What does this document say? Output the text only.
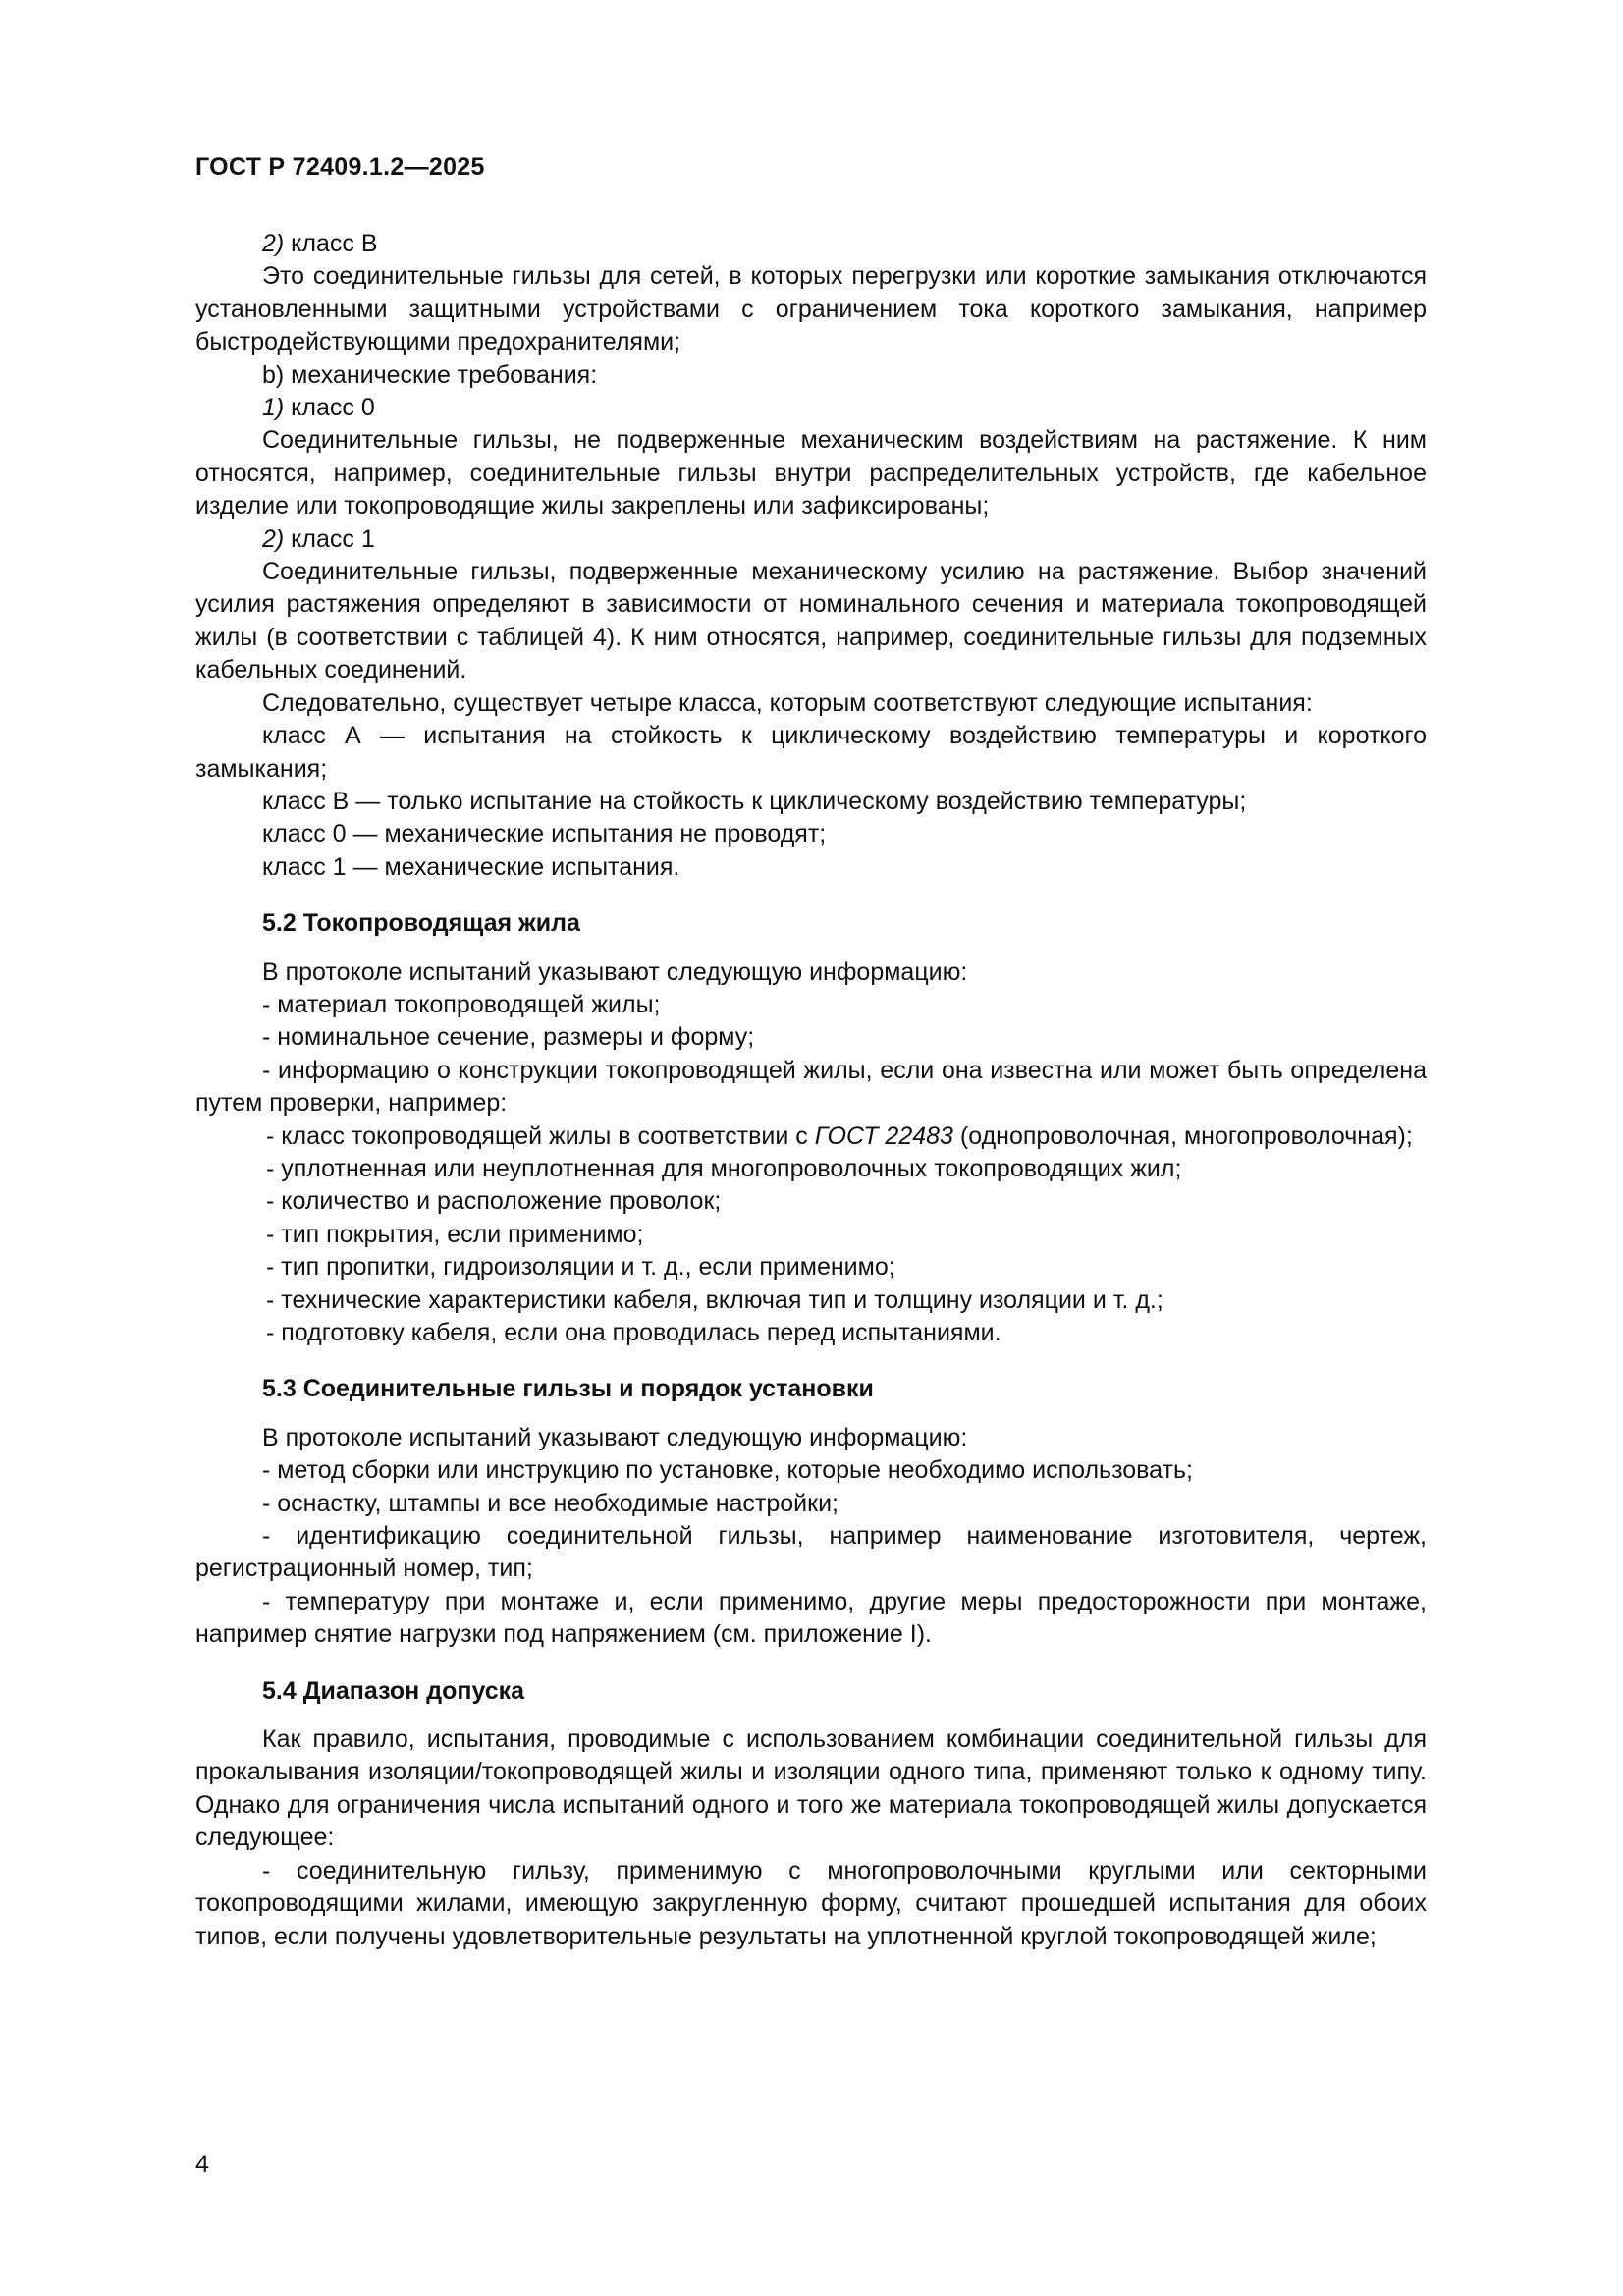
ГОСТ Р 72409.1.2—2025

2) класс В

Это соединительные гильзы для сетей, в которых перегрузки или короткие замыкания отключаются установленными защитными устройствами с ограничением тока короткого замыкания, например быстродействующими предохранителями;

b) механические требования:

1) класс 0

Соединительные гильзы, не подверженные механическим воздействиям на растяжение. К ним относятся, например, соединительные гильзы внутри распределительных устройств, где кабельное изделие или токопроводящие жилы закреплены или зафиксированы;

2) класс 1

Соединительные гильзы, подверженные механическому усилию на растяжение. Выбор значений усилия растяжения определяют в зависимости от номинального сечения и материала токопроводящей жилы (в соответствии с таблицей 4). К ним относятся, например, соединительные гильзы для подземных кабельных соединений.

Следовательно, существует четыре класса, которым соответствуют следующие испытания:

класс А — испытания на стойкость к циклическому воздействию температуры и короткого замыкания;

класс В — только испытание на стойкость к циклическому воздействию температуры;

класс 0 — механические испытания не проводят;

класс 1 — механические испытания.

5.2 Токопроводящая жила

В протоколе испытаний указывают следующую информацию:

- материал токопроводящей жилы;

- номинальное сечение, размеры и форму;

- информацию о конструкции токопроводящей жилы, если она известна или может быть определена путем проверки, например:

- класс токопроводящей жилы в соответствии с ГОСТ 22483 (однопроволочная, многопроволочная);

- уплотненная или неуплотненная для многопроволочных токопроводящих жил;

- количество и расположение проволок;

- тип покрытия, если применимо;

- тип пропитки, гидроизоляции и т. д., если применимо;

- технические характеристики кабеля, включая тип и толщину изоляции и т. д.;

- подготовку кабеля, если она проводилась перед испытаниями.

5.3 Соединительные гильзы и порядок установки

В протоколе испытаний указывают следующую информацию:

- метод сборки или инструкцию по установке, которые необходимо использовать;

- оснастку, штампы и все необходимые настройки;

- идентификацию соединительной гильзы, например наименование изготовителя, чертеж, регистрационный номер, тип;

- температуру при монтаже и, если применимо, другие меры предосторожности при монтаже, например снятие нагрузки под напряжением (см. приложение I).

5.4 Диапазон допуска

Как правило, испытания, проводимые с использованием комбинации соединительной гильзы для прокалывания изоляции/токопроводящей жилы и изоляции одного типа, применяют только к одному типу. Однако для ограничения числа испытаний одного и того же материала токопроводящей жилы допускается следующее:

- соединительную гильзу, применимую с многопроволочными круглыми или секторными токопроводящими жилами, имеющую закругленную форму, считают прошедшей испытания для обоих типов, если получены удовлетворительные результаты на уплотненной круглой токопроводящей жиле;

4
